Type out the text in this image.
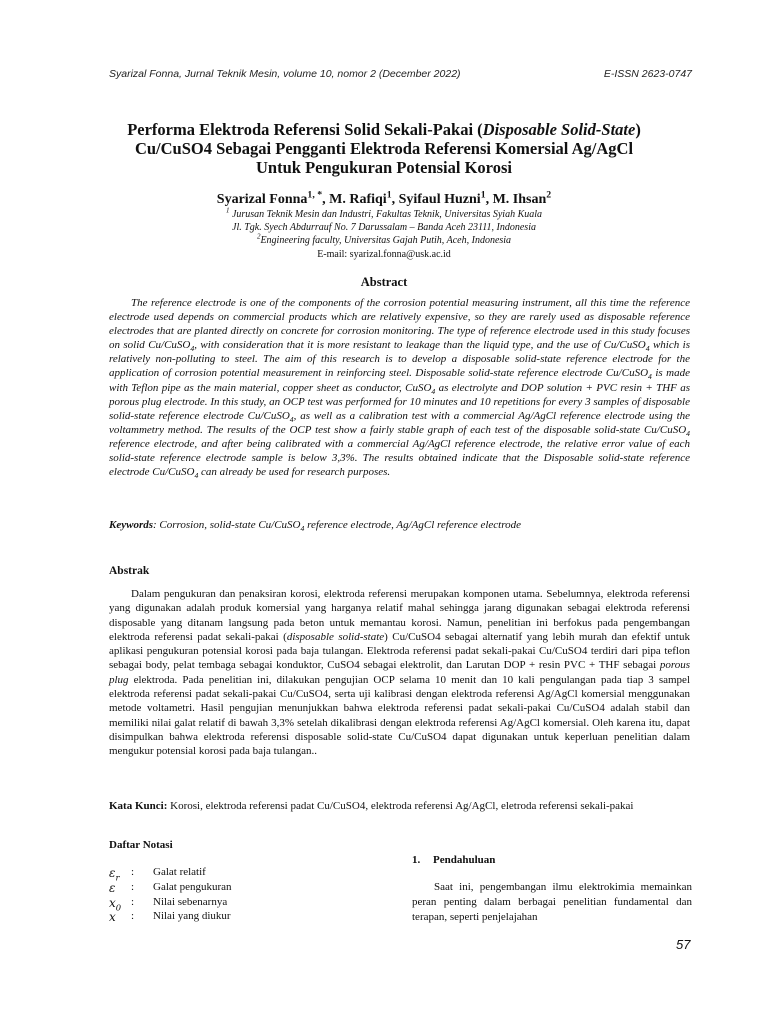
Syarizal Fonna, Jurnal Teknik Mesin, volume 10, nomor 2 (December 2022)	E-ISSN 2623-0747
Performa Elektroda Referensi Solid Sekali-Pakai (Disposable Solid-State)
Cu/CuSO4 Sebagai Pengganti Elektroda Referensi Komersial Ag/AgCl
Untuk Pengukuran Potensial Korosi
Syarizal Fonna$^{1, *}$, M. Rafiqi$^1$, Syifaul Huzni$^1$, M. Ihsan$^2$
$^1$ Jurusan Teknik Mesin dan Industri, Fakultas Teknik, Universitas Syiah Kuala
Jl. Tgk. Syech Abdurrauf No. 7 Darussalam – Banda Aceh 23111, Indonesia
$^2$Engineering faculty, Universitas Gajah Putih, Aceh, Indonesia
E-mail: syarizal.fonna@usk.ac.id
Abstract

The reference electrode is one of the components of the corrosion potential measuring instrument, all this time the reference electrode used depends on commercial products which are relatively expensive, so they are rarely used as disposable reference electrodes that are planted directly on concrete for corrosion monitoring. The type of reference electrode used in this study focuses on solid Cu/CuSO$_4$, with consideration that it is more resistant to leakage than the liquid type, and the use of Cu/CuSO$_4$ which is relatively non-polluting to steel. The aim of this research is to develop a disposable solid-state reference electrode for the application of corrosion potential measurement in reinforcing steel. Disposable solid-state reference electrode Cu/CuSO$_4$ is made with Teflon pipe as the main material, copper sheet as conductor, CuSO$_4$ as electrolyte and DOP solution + PVC resin + THF as porous plug electrode. In this study, an OCP test was performed for 10 minutes and 10 repetitions for every 3 samples of disposable solid-state reference electrode Cu/CuSO$_4$, as well as a calibration test with a commercial Ag/AgCl reference electrode using the voltammetry method. The results of the OCP test show a fairly stable graph of each test of the disposable solid-state Cu/CuSO$_4$ reference electrode, and after being calibrated with a commercial Ag/AgCl reference electrode, the relative error value of each solid-state reference electrode sample is below 3,3%. The results obtained indicate that the Disposable solid-state reference electrode Cu/CuSO$_4$ can already be used for research purposes.

Keywords: Corrosion, solid-state Cu/CuSO$_4$ reference electrode, Ag/AgCl reference electrode
Abstrak

Dalam pengukuran dan penaksiran korosi, elektroda referensi merupakan komponen utama. Sebelumnya, elektroda referensi yang digunakan adalah produk komersial yang harganya relatif mahal sehingga jarang digunakan sebagai elektroda referensi disposable yang ditanam langsung pada beton untuk memantau korosi. Namun, penelitian ini berfokus pada pengembangan elektroda referensi padat sekali-pakai (disposable solid-state) Cu/CuSO4 sebagai alternatif yang lebih murah dan efektif untuk aplikasi pengukuran potensial korosi pada baja tulangan. Elektroda referensi padat sekali-pakai Cu/CuSO4 terdiri dari pipa teflon sebagai body, pelat tembaga sebagai konduktor, CuSO4 sebagai elektrolit, dan Larutan DOP + resin PVC + THF sebagai porous plug elektroda. Pada penelitian ini, dilakukan pengujian OCP selama 10 menit dan 10 kali pengulangan pada tiap 3 sampel elektroda referensi padat sekali-pakai Cu/CuSO4, serta uji kalibrasi dengan elektroda referensi Ag/AgCl komersial menggunakan metode voltametri. Hasil pengujian menunjukkan bahwa elektroda referensi padat sekali-pakai Cu/CuSO4 adalah stabil dan memiliki nilai galat relatif di bawah 3,3% setelah dikalibrasi dengan elektroda referensi Ag/AgCl komersial. Oleh karena itu, dapat disimpulkan bahwa elektroda referensi disposable solid-state Cu/CuSO4 dapat digunakan untuk keperluan penelitian dalam mengukur potensial korosi pada baja tulangan..

Kata Kunci: Korosi, elektroda referensi padat Cu/CuSO4, elektroda referensi Ag/AgCl, eletroda referensi sekali-pakai
Daftar Notasi
$\varepsilon_r$ : Galat relatif
ε : Galat pengukuran
$x_0$ : Nilai sebenarnya
x : Nilai yang diukur
1. Pendahuluan

Saat ini, pengembangan ilmu elektrokimia memainkan peran penting dalam berbagai penelitian fundamental dan terapan, seperti penjelajahan

57
